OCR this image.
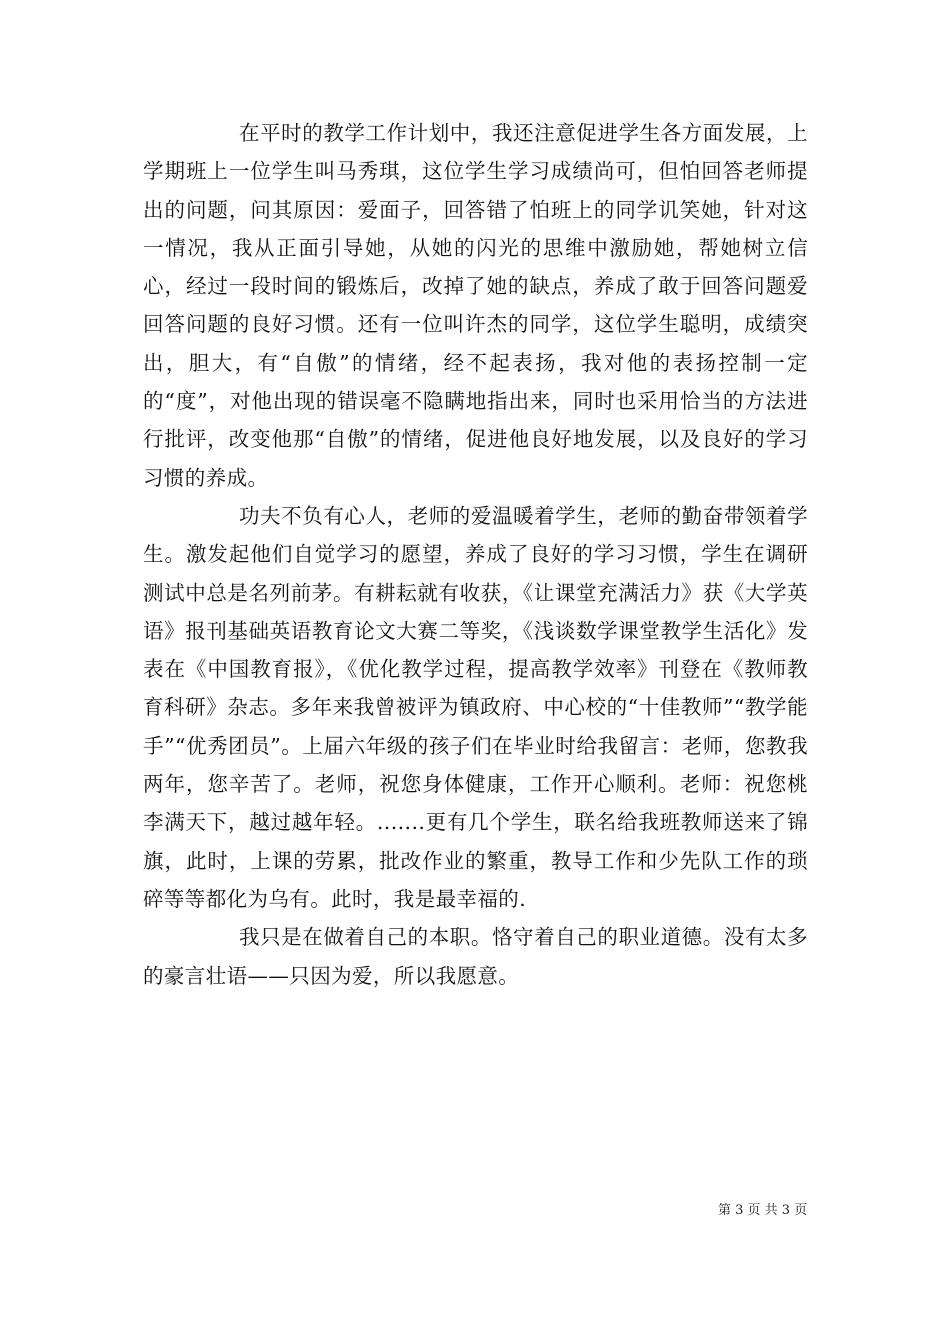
在平时的教学工作计划中，我还注意促进学生各方面发展，上学期班上一位学生叫马秀琪，这位学生学习成绩尚可，但怕回答老师提出的问题，问其原因：爱面子，回答错了怕班上的同学讥笑她，针对这一情况，我从正面引导她，从她的闪光的思维中激励她，帮她树立信心，经过一段时间的锻炼后，改掉了她的缺点，养成了敢于回答问题爱回答问题的良好习惯。还有一位叫许杰的同学，这位学生聪明，成绩突出，胆大，有“自傲”的情绪，经不起表扬，我对他的表扬控制一定的“度”，对他出现的错误毫不隐瞒地指出来，同时也采用恰当的方法进行批评，改变他那“自傲”的情绪，促进他良好地发展，以及良好的学习习惯的养成。

功夫不负有心人，老师的爱温暖着学生，老师的勤奋带领着学生。激发起他们自觉学习的愿望，养成了良好的学习习惯，学生在调研测试中总是名列前茅。有耕耘就有收获，《让课堂充满活力》获《大学英语》报刊基础英语教育论文大赛二等奖，《浅谈数学课堂教学生活化》发表在《中国教育报》，《优化教学过程，提高教学效率》刊登在《教师教育科研》杂志。多年来我曾被评为镇政府、中心校的“十佳教师”“教学能手”“优秀团员”。上届六年级的孩子们在毕业时给我留言：老师，您教我两年，您辛苦了。老师，祝您身体健康，工作开心顺利。老师：祝您桃李满天下，越过越年轻。.......更有几个学生，联名给我班教师送来了锦旗，此时，上课的劳累，批改作业的繁重，教导工作和少先队工作的琐碎等等都化为乌有。此时，我是最幸福的.

我只是在做着自己的本职。恪守着自己的职业道德。没有太多的豪言壮语——只因为爱，所以我愿意。

第 3 页 共 3 页
